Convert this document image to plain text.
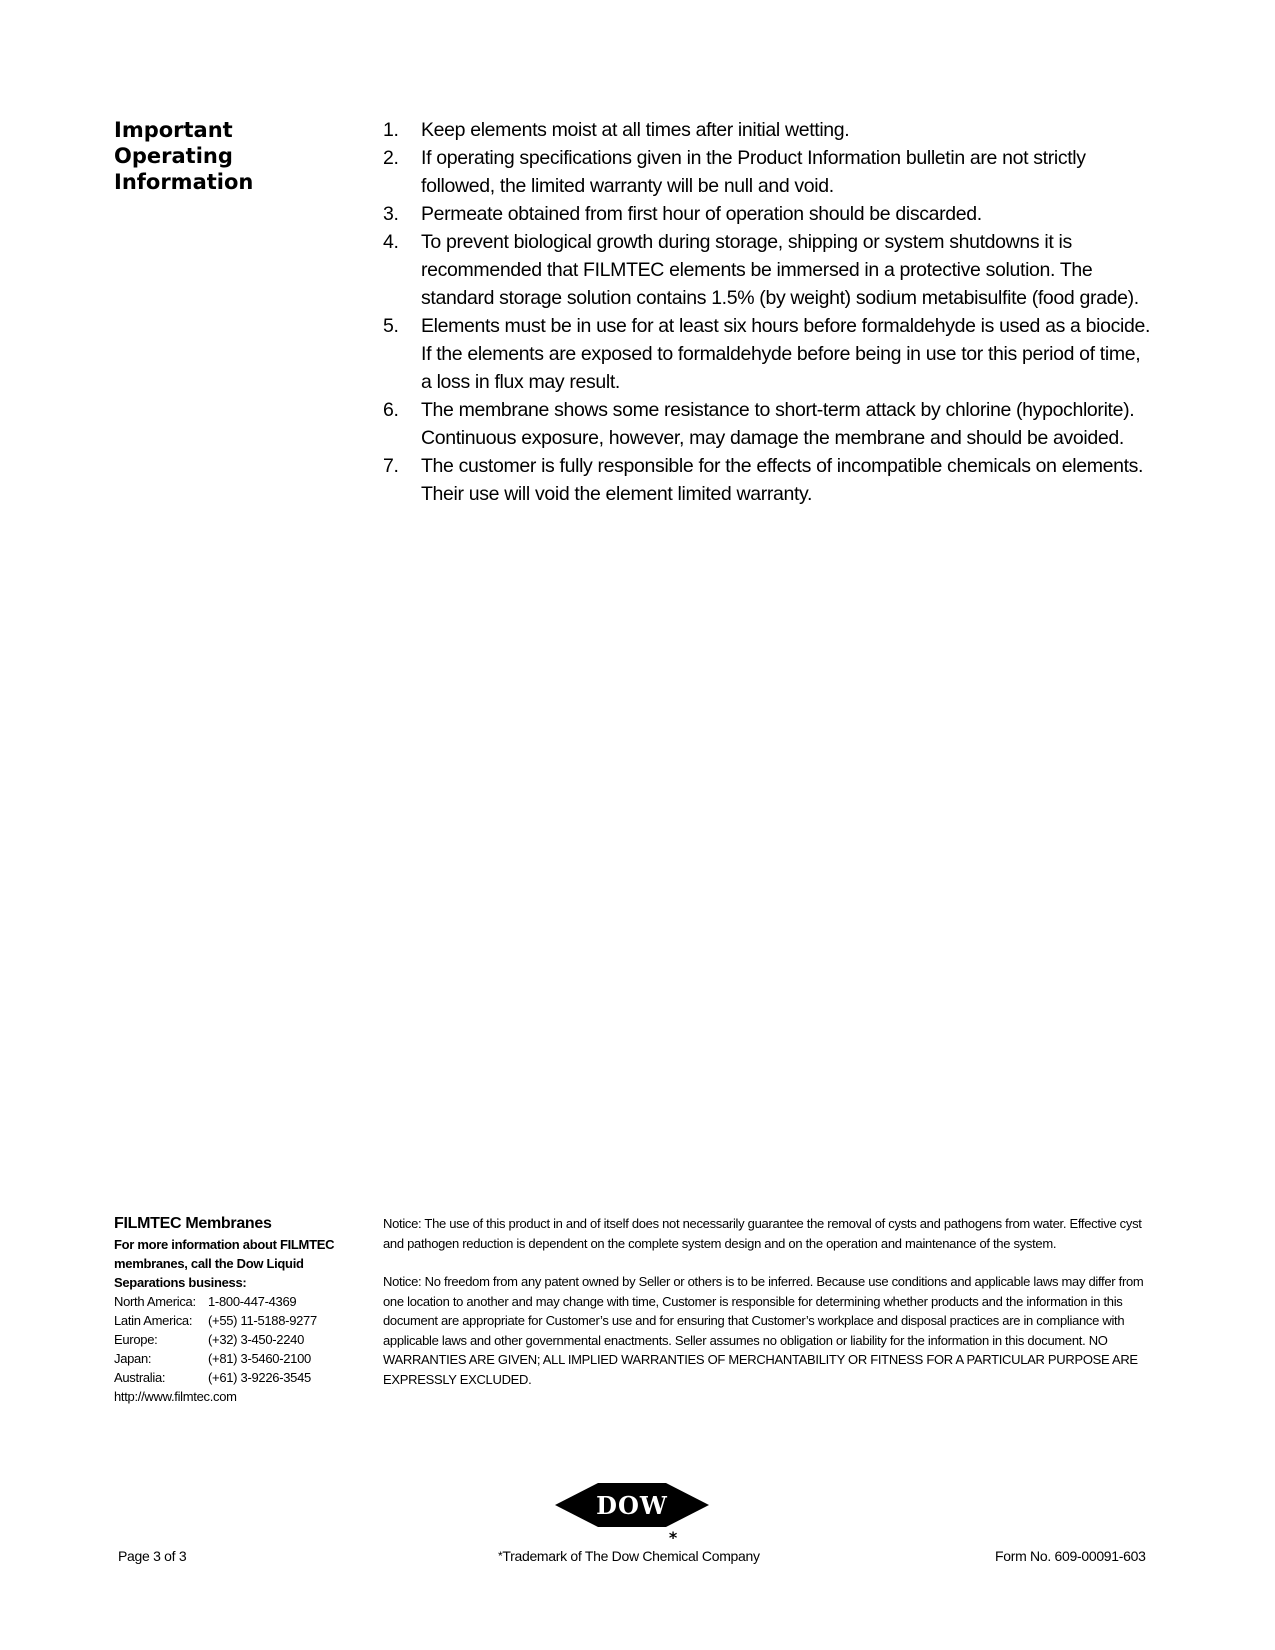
Important
Operating
Information
1. Keep elements moist at all times after initial wetting.
2. If operating specifications given in the Product Information bulletin are not strictly
followed, the limited warranty will be null and void.
3. Permeate obtained from first hour of operation should be discarded.
4. To prevent biological growth during storage, shipping or system shutdowns it is
recommended that FILMTEC elements be immersed in a protective solution. The
standard storage solution contains 1.5% (by weight) sodium metabisulfite (food grade).
5. Elements must be in use for at least six hours before formaldehyde is used as a biocide.
If the elements are exposed to formaldehyde before being in use tor this period of time,
a loss in flux may result.
6. The membrane shows some resistance to short-term attack by chlorine (hypochlorite).
Continuous exposure, however, may damage the membrane and should be avoided.
7. The customer is fully responsible for the effects of incompatible chemicals on elements.
Their use will void the element limited warranty.
FILMTEC Membranes
For more information about FILMTEC membranes, call the Dow Liquid Separations business:
North America: 1-800-447-4369
Latin America:	(+55) 11-5188-9277
Europe:	(+32) 3-450-2240
Japan:	(+81) 3-5460-2100
Australia:	(+61) 3-9226-3545
http://www.filmtec.com

Notice: The use of this product in and of itself does not necessarily guarantee the removal of cysts and pathogens from water. Effective cyst and pathogen reduction is dependent on the complete system design and on the operation and maintenance of the system.

Notice: No freedom from any patent owned by Seller or others is to be inferred. Because use conditions and applicable laws may differ from one location to another and may change with time, Customer is responsible for determining whether products and the information in this document are appropriate for Customer’s use and for ensuring that Customer’s workplace and disposal practices are in compliance with applicable laws and other governmental enactments. Seller assumes no obligation or liability for the information in this document. NO WARRANTIES ARE GIVEN; ALL IMPLIED WARRANTIES OF MERCHANTABILITY OR FITNESS FOR A PARTICULAR PURPOSE ARE EXPRESSLY EXCLUDED.

DOW
*
Page 3 of 3	*Trademark of The Dow Chemical Company	Form No. 609-00091-603
